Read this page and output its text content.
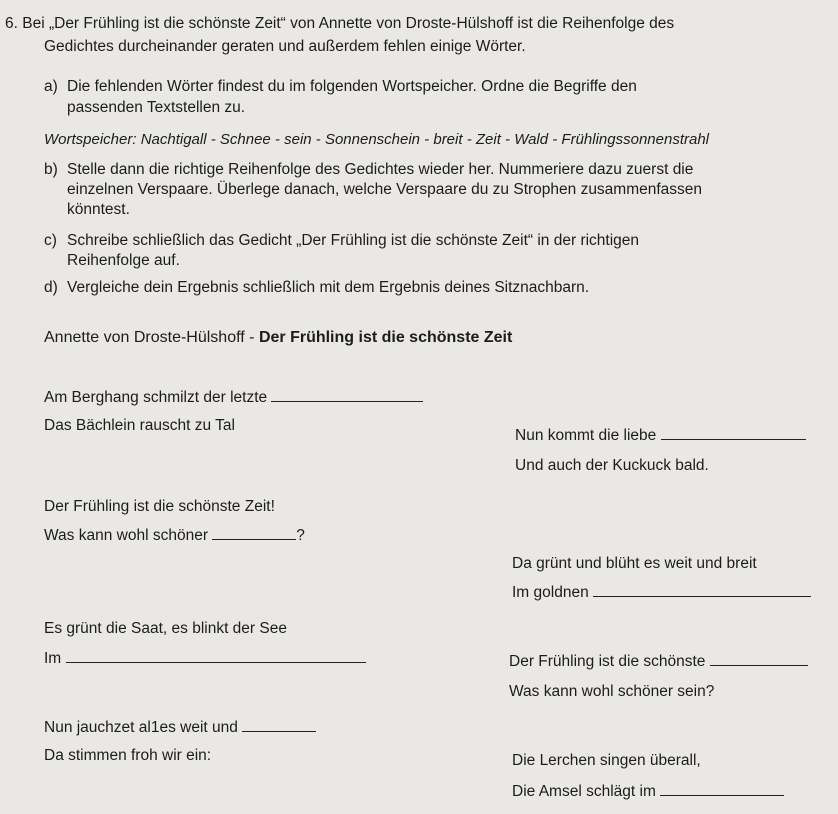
6. Bei „Der Frühling ist die schönste Zeit“ von Annette von Droste-Hülshoff ist die Reihenfolge des
Gedichtes durcheinander geraten und außerdem fehlen einige Wörter.
a) Die fehlenden Wörter findest du im folgenden Wortspeicher. Ordne die Begriffe den
passenden Textstellen zu.
Wortspeicher: Nachtigall - Schnee - sein - Sonnenschein - breit - Zeit - Wald - Frühlingssonnenstrahl
b) Stelle dann die richtige Reihenfolge des Gedichtes wieder her. Nummeriere dazu zuerst die
einzelnen Verspaare. Überlege danach, welche Verspaare du zu Strophen zusammenfassen
könntest.
c) Schreibe schließlich das Gedicht „Der Frühling ist die schönste Zeit“ in der richtigen
Reihenfolge auf.
d) Vergleiche dein Ergebnis schließlich mit dem Ergebnis deines Sitznachbarn.
Annette von Droste-Hülshoff - Der Frühling ist die schönste Zeit
Am Berghang schmilzt der letzte
Das Bächlein rauscht zu Tal
Nun kommt die liebe
Und auch der Kuckuck bald.
Der Frühling ist die schönste Zeit!
Was kann wohl schöner	?
Da grünt und blüht es weit und breit
Im goldnen
Es grünt die Saat, es blinkt der See
Im	Der Frühling ist die schönste
Was kann wohl schöner sein?
Nun jauchzet al1es weit und
Da stimmen froh wir ein:	Die Lerchen singen überall,
Die Amsel schlägt im
